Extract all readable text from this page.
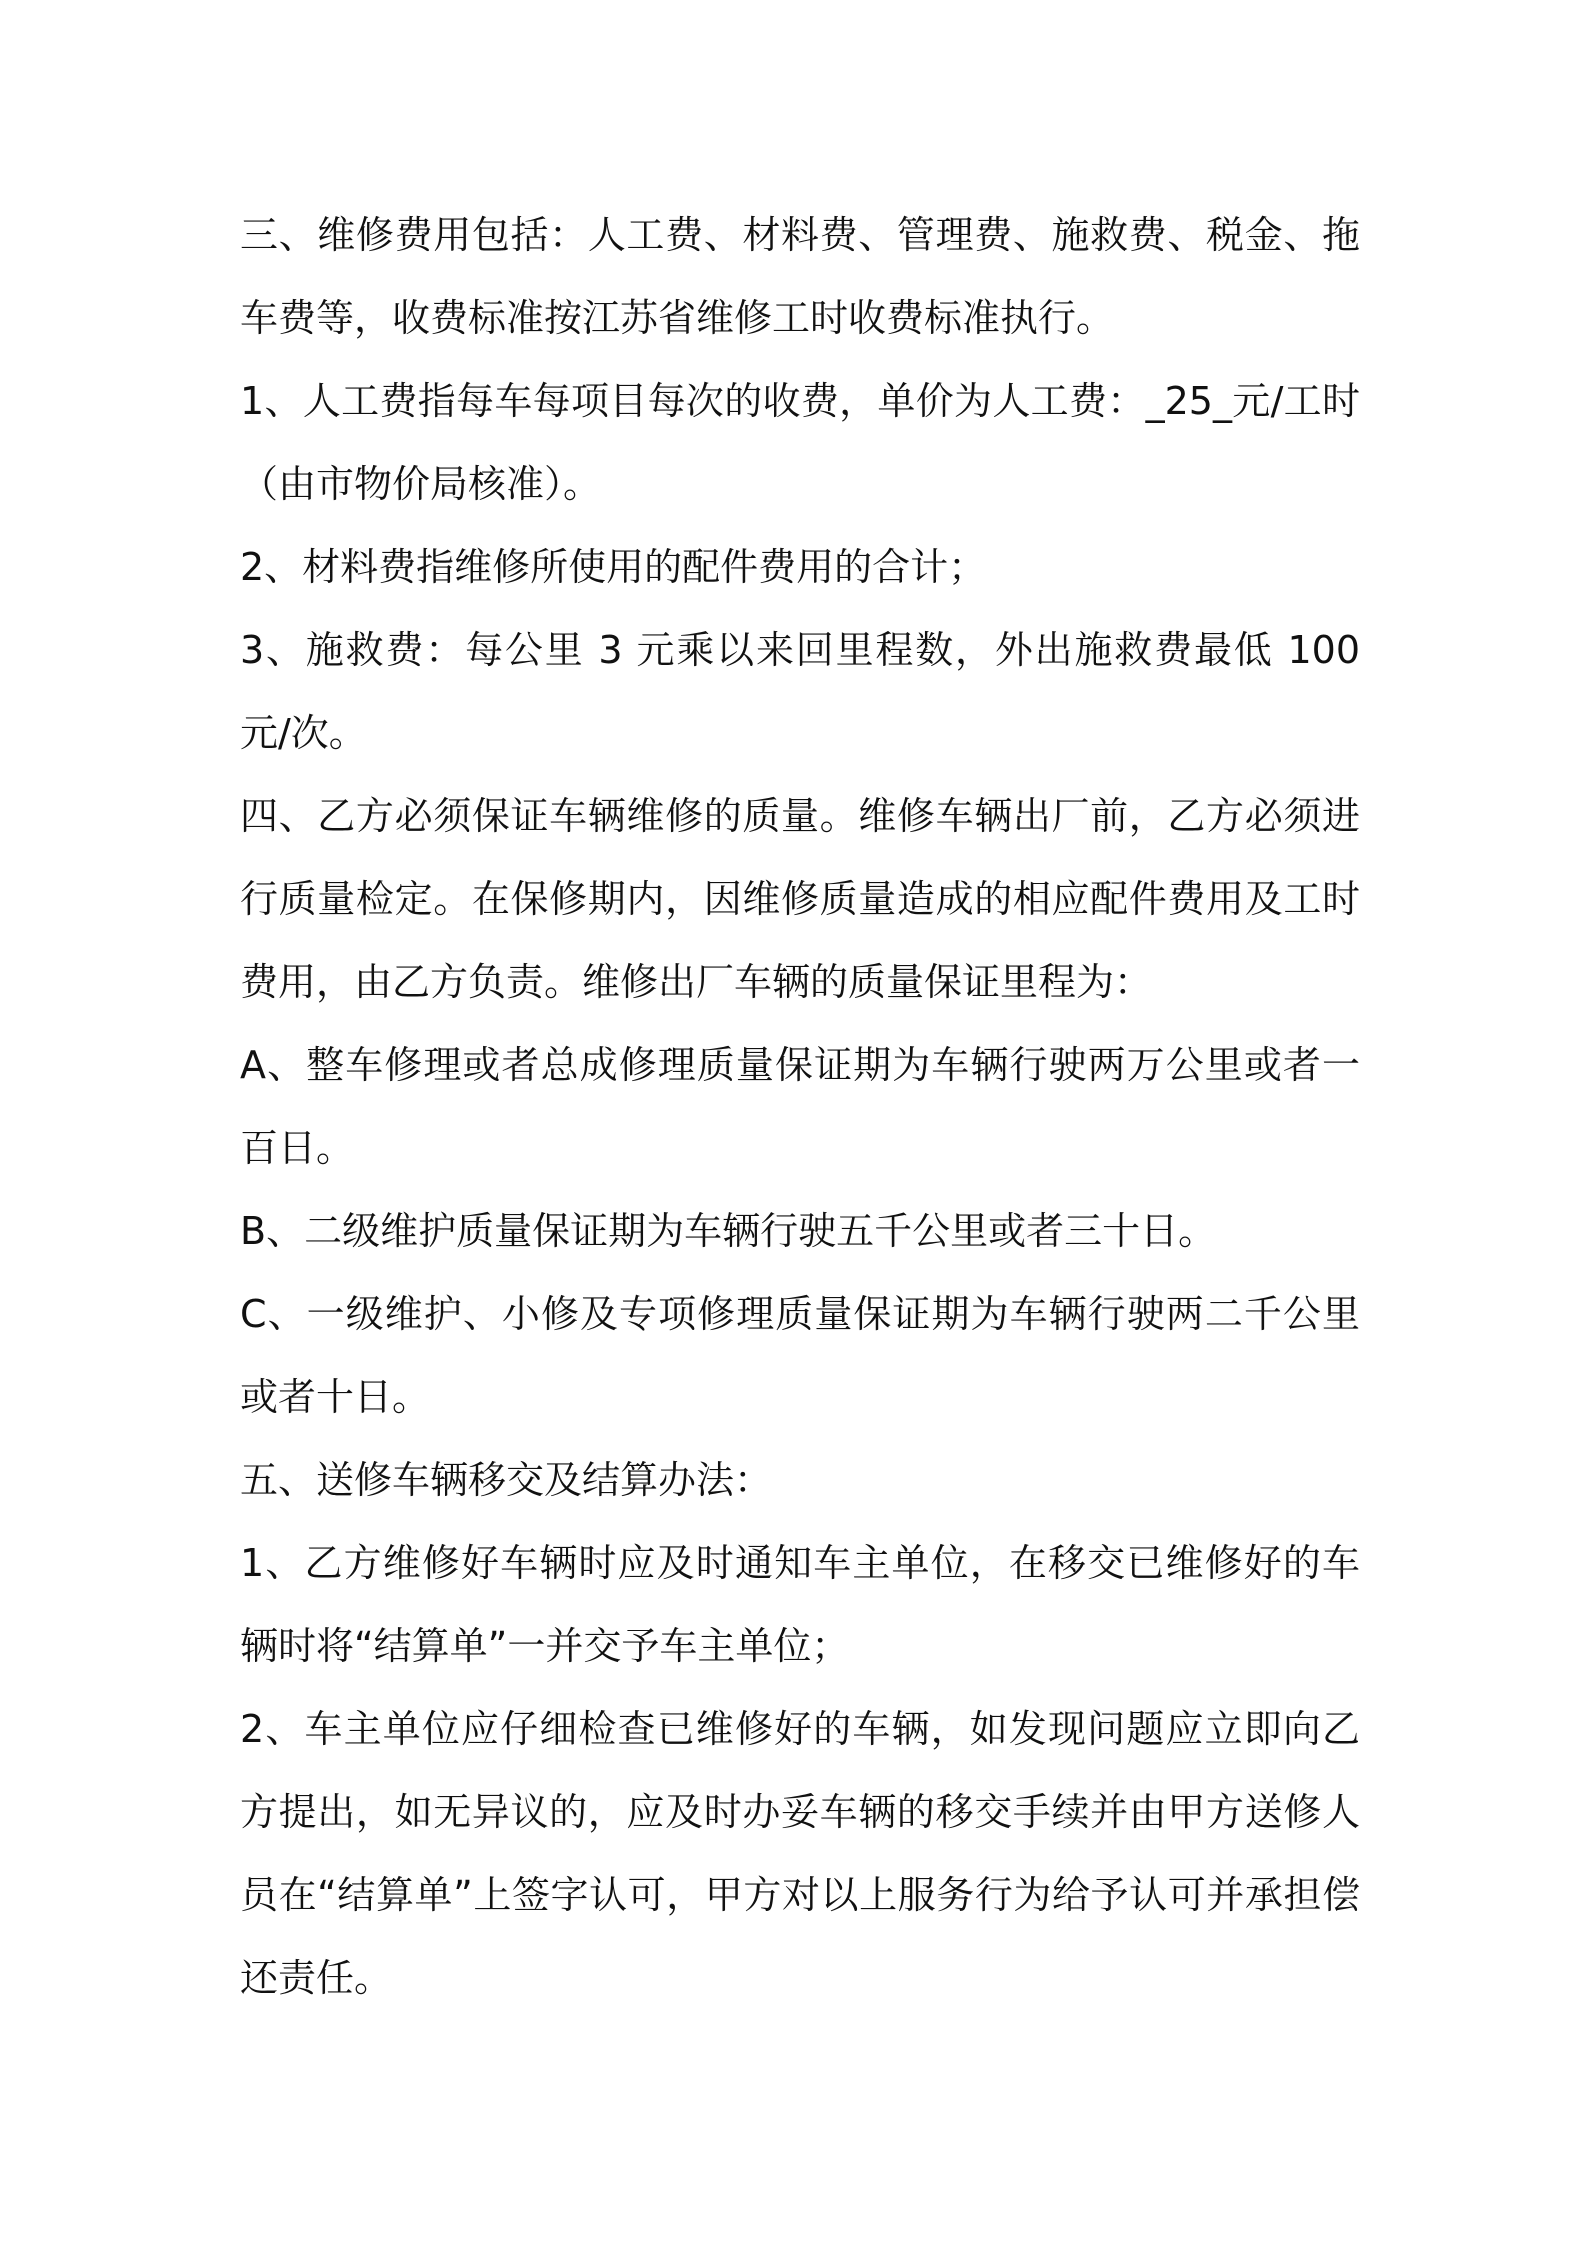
三、维修费用包括：人工费、材料费、管理费、施救费、税金、拖车费等，收费标准按江苏省维修工时收费标准执行。

1、人工费指每车每项目每次的收费，单价为人工费：_25_元/工时（由市物价局核准）。

2、材料费指维修所使用的配件费用的合计；

3、施救费：每公里 3 元乘以来回里程数，外出施救费最低 100 元/次。

四、乙方必须保证车辆维修的质量。维修车辆出厂前，乙方必须进行质量检定。在保修期内，因维修质量造成的相应配件费用及工时费用，由乙方负责。维修出厂车辆的质量保证里程为：

A、整车修理或者总成修理质量保证期为车辆行驶两万公里或者一百日。

B、二级维护质量保证期为车辆行驶五千公里或者三十日。

C、一级维护、小修及专项修理质量保证期为车辆行驶两二千公里或者十日。

五、送修车辆移交及结算办法：

1、乙方维修好车辆时应及时通知车主单位，在移交已维修好的车辆时将“结算单”一并交予车主单位；

2、车主单位应仔细检查已维修好的车辆，如发现问题应立即向乙方提出，如无异议的，应及时办妥车辆的移交手续并由甲方送修人员在“结算单”上签字认可，甲方对以上服务行为给予认可并承担偿还责任。
